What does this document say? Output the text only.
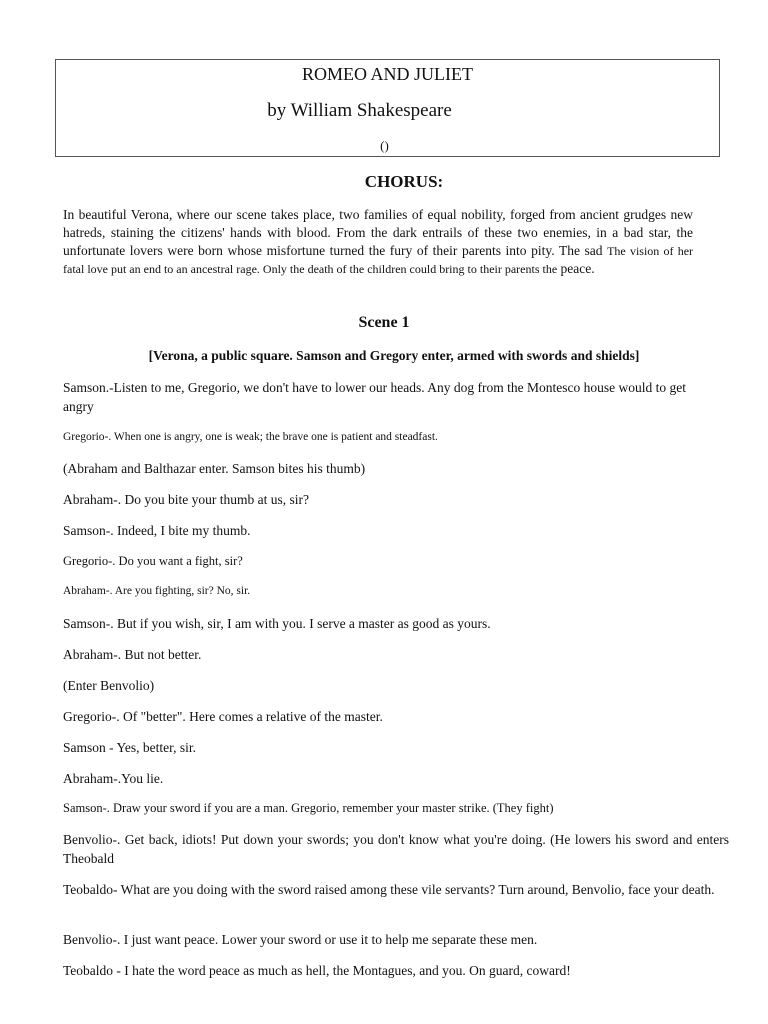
ROMEO AND JULIET
by William Shakespeare
()
CHORUS:
In beautiful Verona, where our scene takes place, two families of equal nobility, forged from ancient grudges new hatreds, staining the citizens' hands with blood. From the dark entrails of these two enemies, in a bad star, the unfortunate lovers were born whose misfortune turned the fury of their parents into pity. The sad The vision of her fatal love put an end to an ancestral rage. Only the death of the children could bring to their parents the peace.
Scene 1
[Verona, a public square. Samson and Gregory enter, armed with swords and shields]
Samson.-Listen to me, Gregorio, we don't have to lower our heads. Any dog from the Montesco house would to get angry
Gregorio-. When one is angry, one is weak; the brave one is patient and steadfast.
(Abraham and Balthazar enter. Samson bites his thumb)
Abraham-. Do you bite your thumb at us, sir?
Samson-. Indeed, I bite my thumb.
Gregorio-. Do you want a fight, sir?
Abraham-. Are you fighting, sir? No, sir.
Samson-. But if you wish, sir, I am with you. I serve a master as good as yours.
Abraham-. But not better.
(Enter Benvolio)
Gregorio-. Of "better". Here comes a relative of the master.
Samson - Yes, better, sir.
Abraham-.You lie.
Samson-. Draw your sword if you are a man. Gregorio, remember your master strike. (They fight)
Benvolio-. Get back, idiots! Put down your swords; you don't know what you're doing. (He lowers his sword and enters Theobald
Teobaldo- What are you doing with the sword raised among these vile servants? Turn around, Benvolio, face your death.
Benvolio-. I just want peace. Lower your sword or use it to help me separate these men.
Teobaldo - I hate the word peace as much as hell, the Montagues, and you. On guard, coward!
